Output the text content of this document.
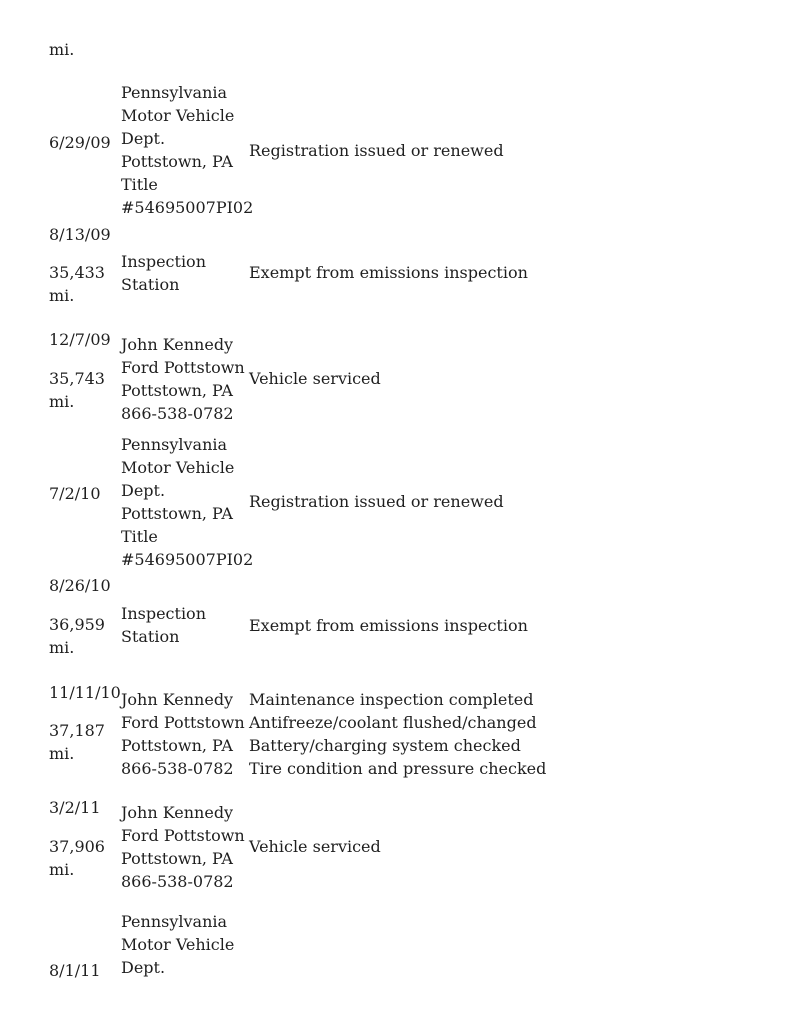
mi.
6/29/09
Pennsylvania
Motor Vehicle
Dept.
Pottstown, PA
Title
#54695007PI02
Registration issued or renewed
8/13/09
35,433
mi.
Inspection
Station
Exempt from emissions inspection
12/7/09
35,743
mi.
John Kennedy
Ford Pottstown
Pottstown, PA
866-538-0782
Vehicle serviced
7/2/10
Pennsylvania
Motor Vehicle
Dept.
Pottstown, PA
Title
#54695007PI02
Registration issued or renewed
8/26/10
36,959
mi.
Inspection
Station
Exempt from emissions inspection
11/11/10
37,187
mi.
John Kennedy
Ford Pottstown
Pottstown, PA
866-538-0782
Maintenance inspection completed
Antifreeze/coolant flushed/changed
Battery/charging system checked
Tire condition and pressure checked
3/2/11
37,906
mi.
John Kennedy
Ford Pottstown
Pottstown, PA
866-538-0782
Vehicle serviced
8/1/11
Pennsylvania
Motor Vehicle
Dept.
